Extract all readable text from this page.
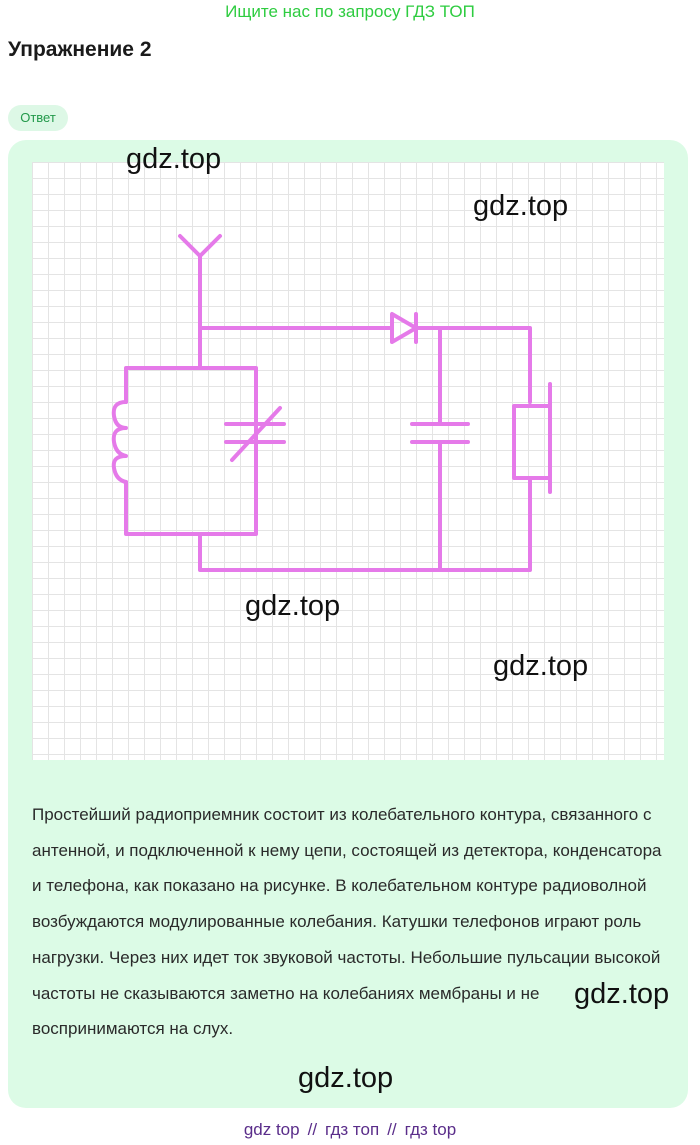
Ищите нас по запросу ГДЗ ТОП
Упражнение 2
Ответ
gdz.top
gdz.top
gdz.top
gdz.top

Простейший радиоприемник состоит из колебательного контура, связанного с антенной, и подключенной к нему цепи, состоящей из детектора, конденсатора и телефона, как показано на рисунке. В колебательном контуре радиоволной возбуждаются модулированные колебания. Катушки телефонов играют роль нагрузки. Через них идет ток звуковой частоты. Небольшие пульсации высокой частоты не сказываются заметно на колебаниях мембраны и не воспринимаются на слух.

gdz.top
gdz.top
gdz top // гдз топ // гдз top
